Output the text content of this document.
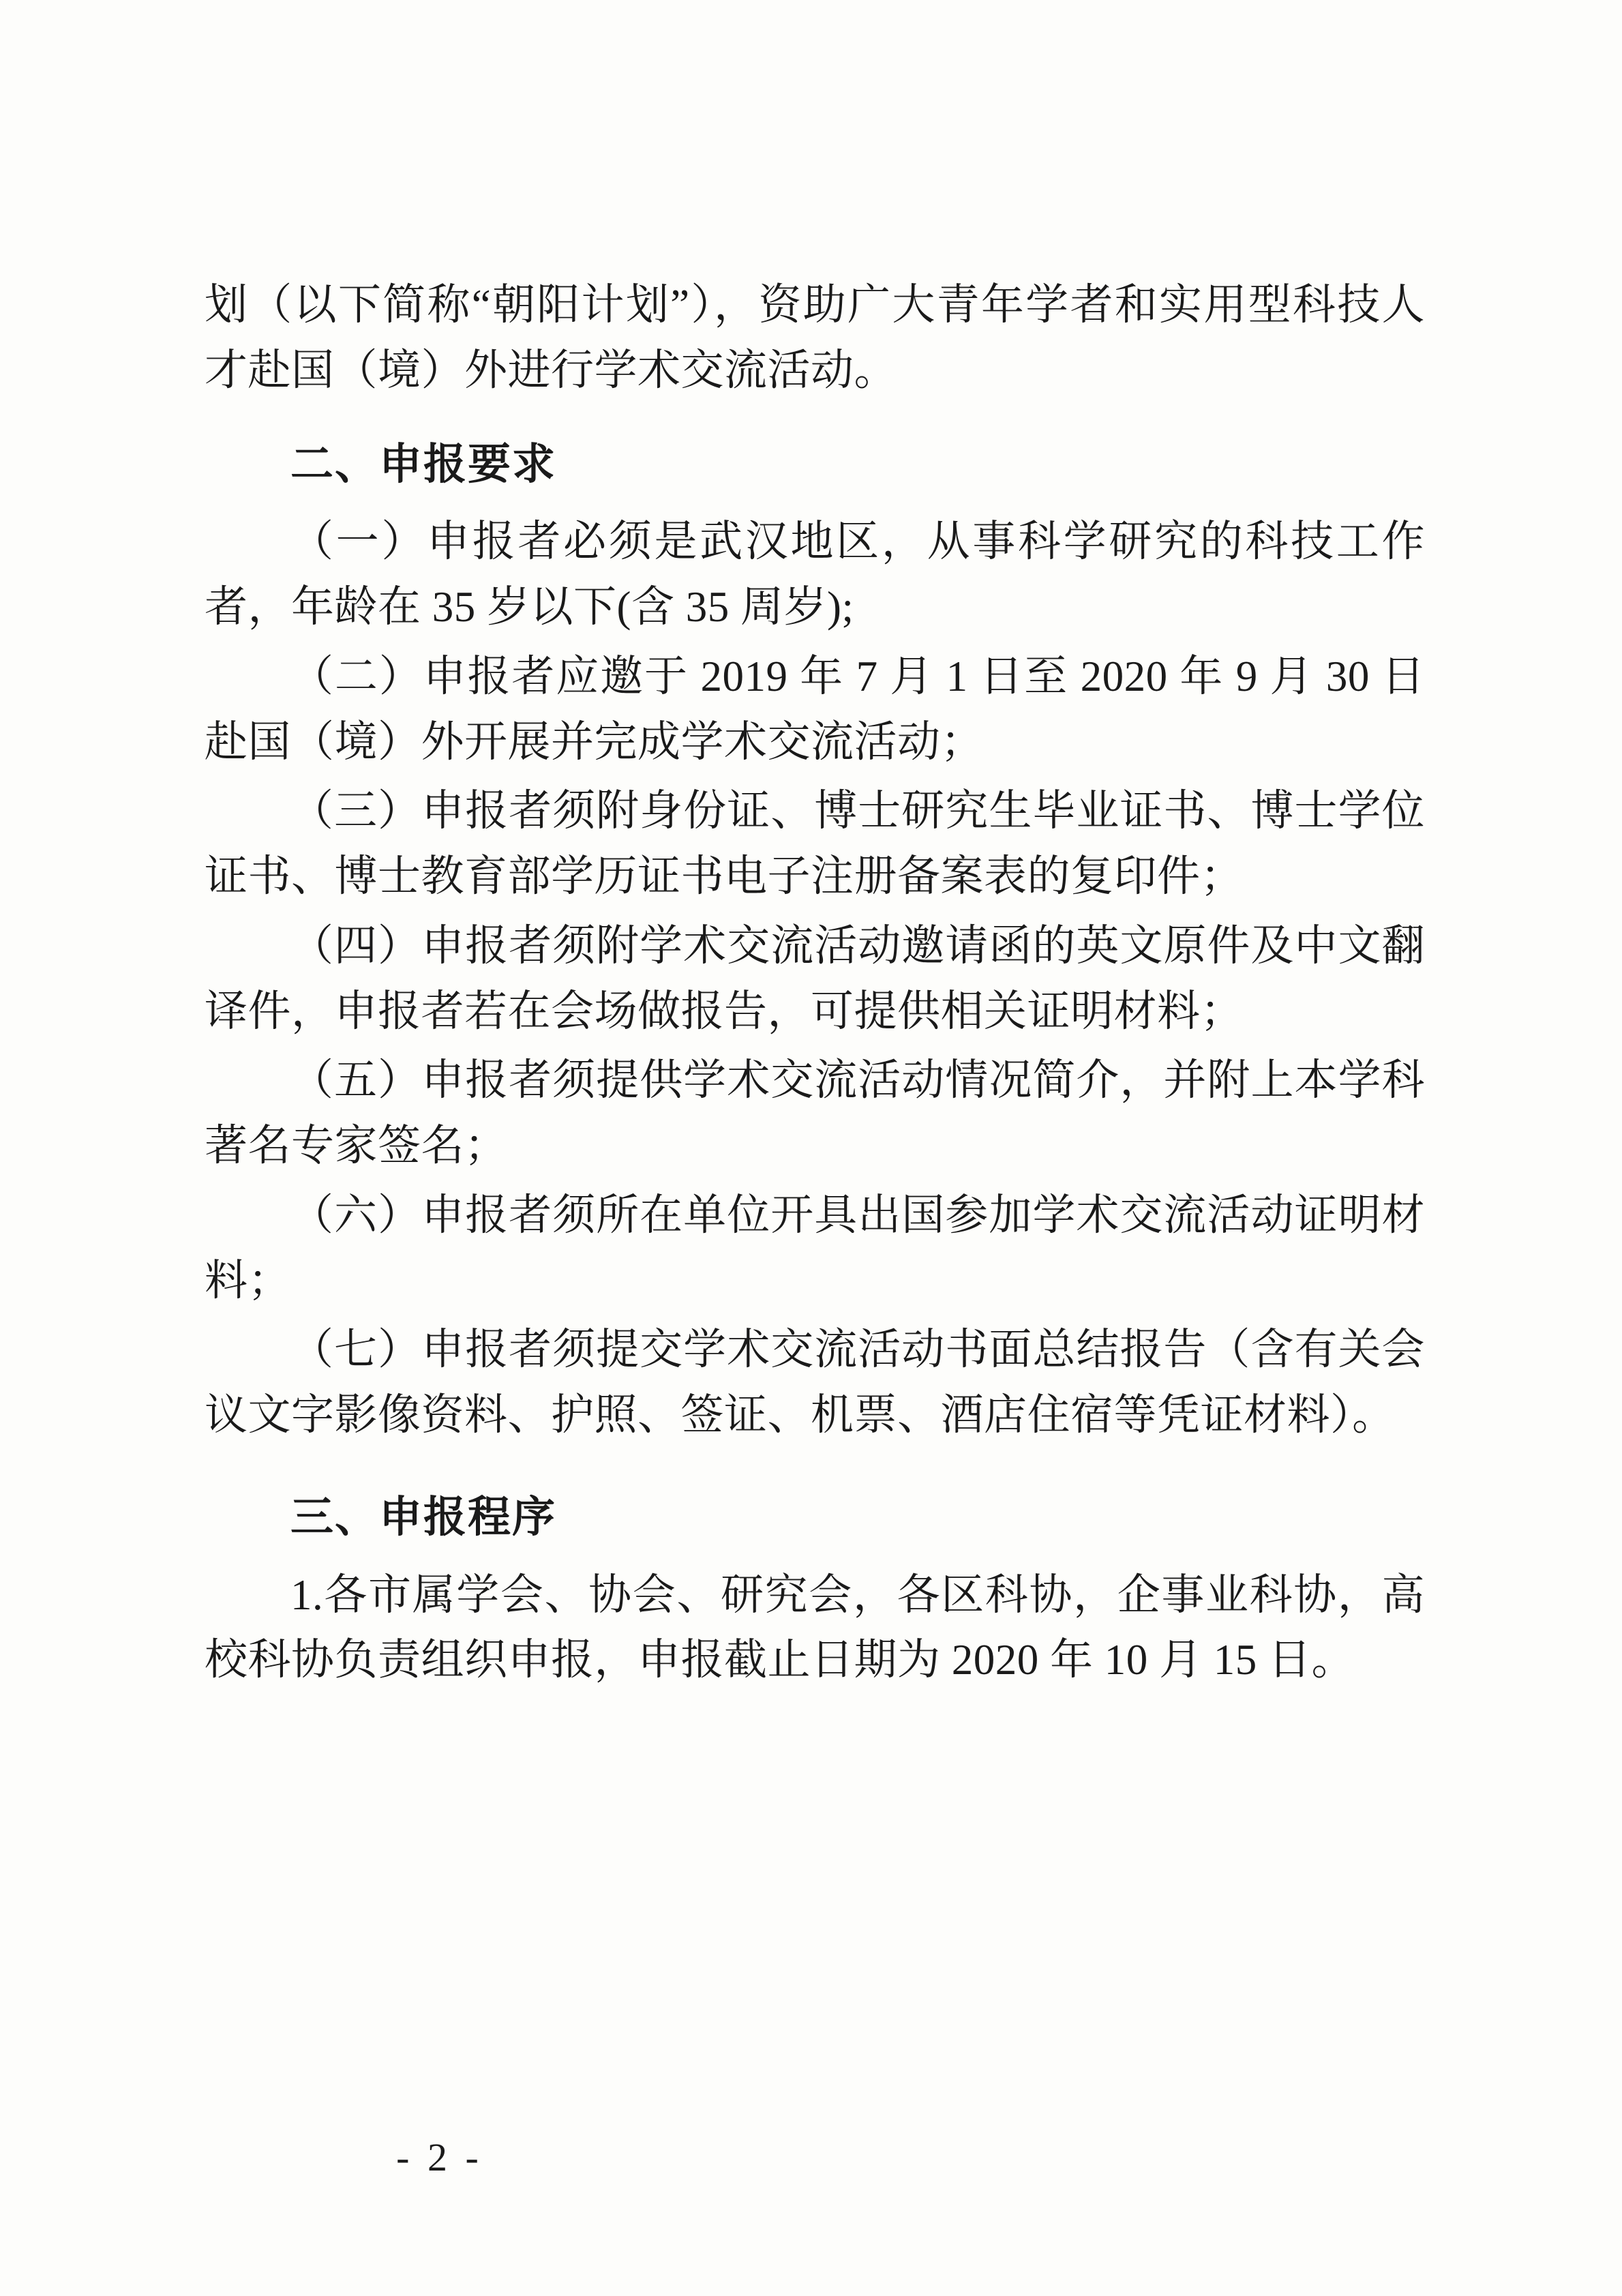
划（以下简称“朝阳计划”），资助广大青年学者和实用型科技人才赴国（境）外进行学术交流活动。

二、申报要求

（一）申报者必须是武汉地区，从事科学研究的科技工作者，年龄在 35 岁以下(含 35 周岁);

（二）申报者应邀于 2019 年 7 月 1 日至 2020 年 9 月 30 日赴国（境）外开展并完成学术交流活动；

（三）申报者须附身份证、博士研究生毕业证书、博士学位证书、博士教育部学历证书电子注册备案表的复印件；

（四）申报者须附学术交流活动邀请函的英文原件及中文翻译件，申报者若在会场做报告，可提供相关证明材料；

（五）申报者须提供学术交流活动情况简介，并附上本学科著名专家签名；

（六）申报者须所在单位开具出国参加学术交流活动证明材料；

（七）申报者须提交学术交流活动书面总结报告（含有关会议文字影像资料、护照、签证、机票、酒店住宿等凭证材料）。

三、申报程序

1.各市属学会、协会、研究会，各区科协，企事业科协，高校科协负责组织申报，申报截止日期为 2020 年 10 月 15 日。

- 2 -
